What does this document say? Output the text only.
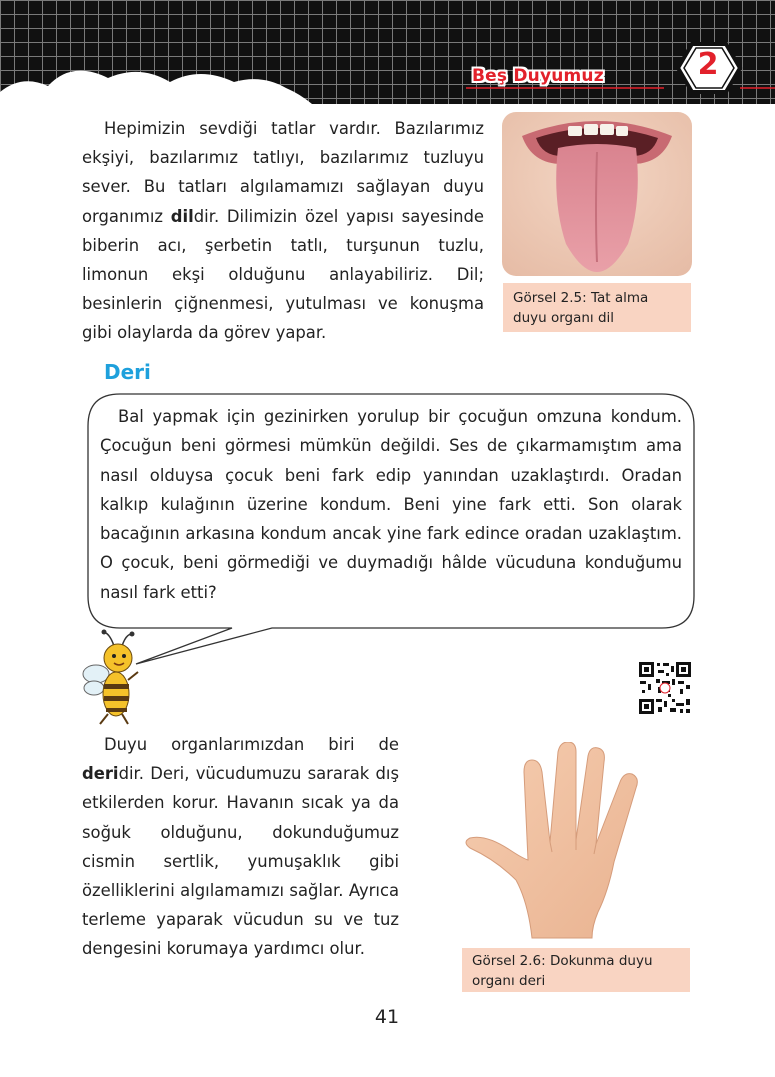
Beş Duyumuz	2

Hepimizin sevdiği tatlar vardır. Bazılarımız ekşiyi, bazılarımız tatlıyı, bazılarımız tuzluyu sever. Bu tatları algılamamızı sağlayan duyu organımız dildir. Dilimizin özel yapısı sayesinde biberin acı, şerbetin tatlı, turşunun tuzlu, limonun ekşi olduğunu anlayabiliriz. Dil; besinlerin çiğnenmesi, yutulması ve konuşma gibi olaylarda da görev yapar.

Görsel 2.5: Tat alma duyu organı dil
Deri

Bal yapmak için gezinirken yorulup bir çocuğun omzuna kondum. Çocuğun beni görmesi mümkün değildi. Ses de çıkarmamıştım ama nasıl olduysa çocuk beni fark edip yanından uzaklaştırdı. Oradan kalkıp kulağının üzerine kondum. Beni yine fark etti. Son olarak bacağının arkasına kondum ancak yine fark edince oradan uzaklaştım. O çocuk, beni görmediği ve duymadığı hâlde vücuduna konduğumu nasıl fark etti?

Duyu organlarımızdan biri de deridir. Deri, vücudumuzu sararak dış etkilerden korur. Havanın sıcak ya da soğuk olduğunu, dokunduğumuz cismin sertlik, yumuşaklık gibi özelliklerini algılamamızı sağlar. Ayrıca terleme yaparak vücudun su ve tuz dengesini korumaya yardımcı olur.

Görsel 2.6: Dokunma duyu organı deri
41
